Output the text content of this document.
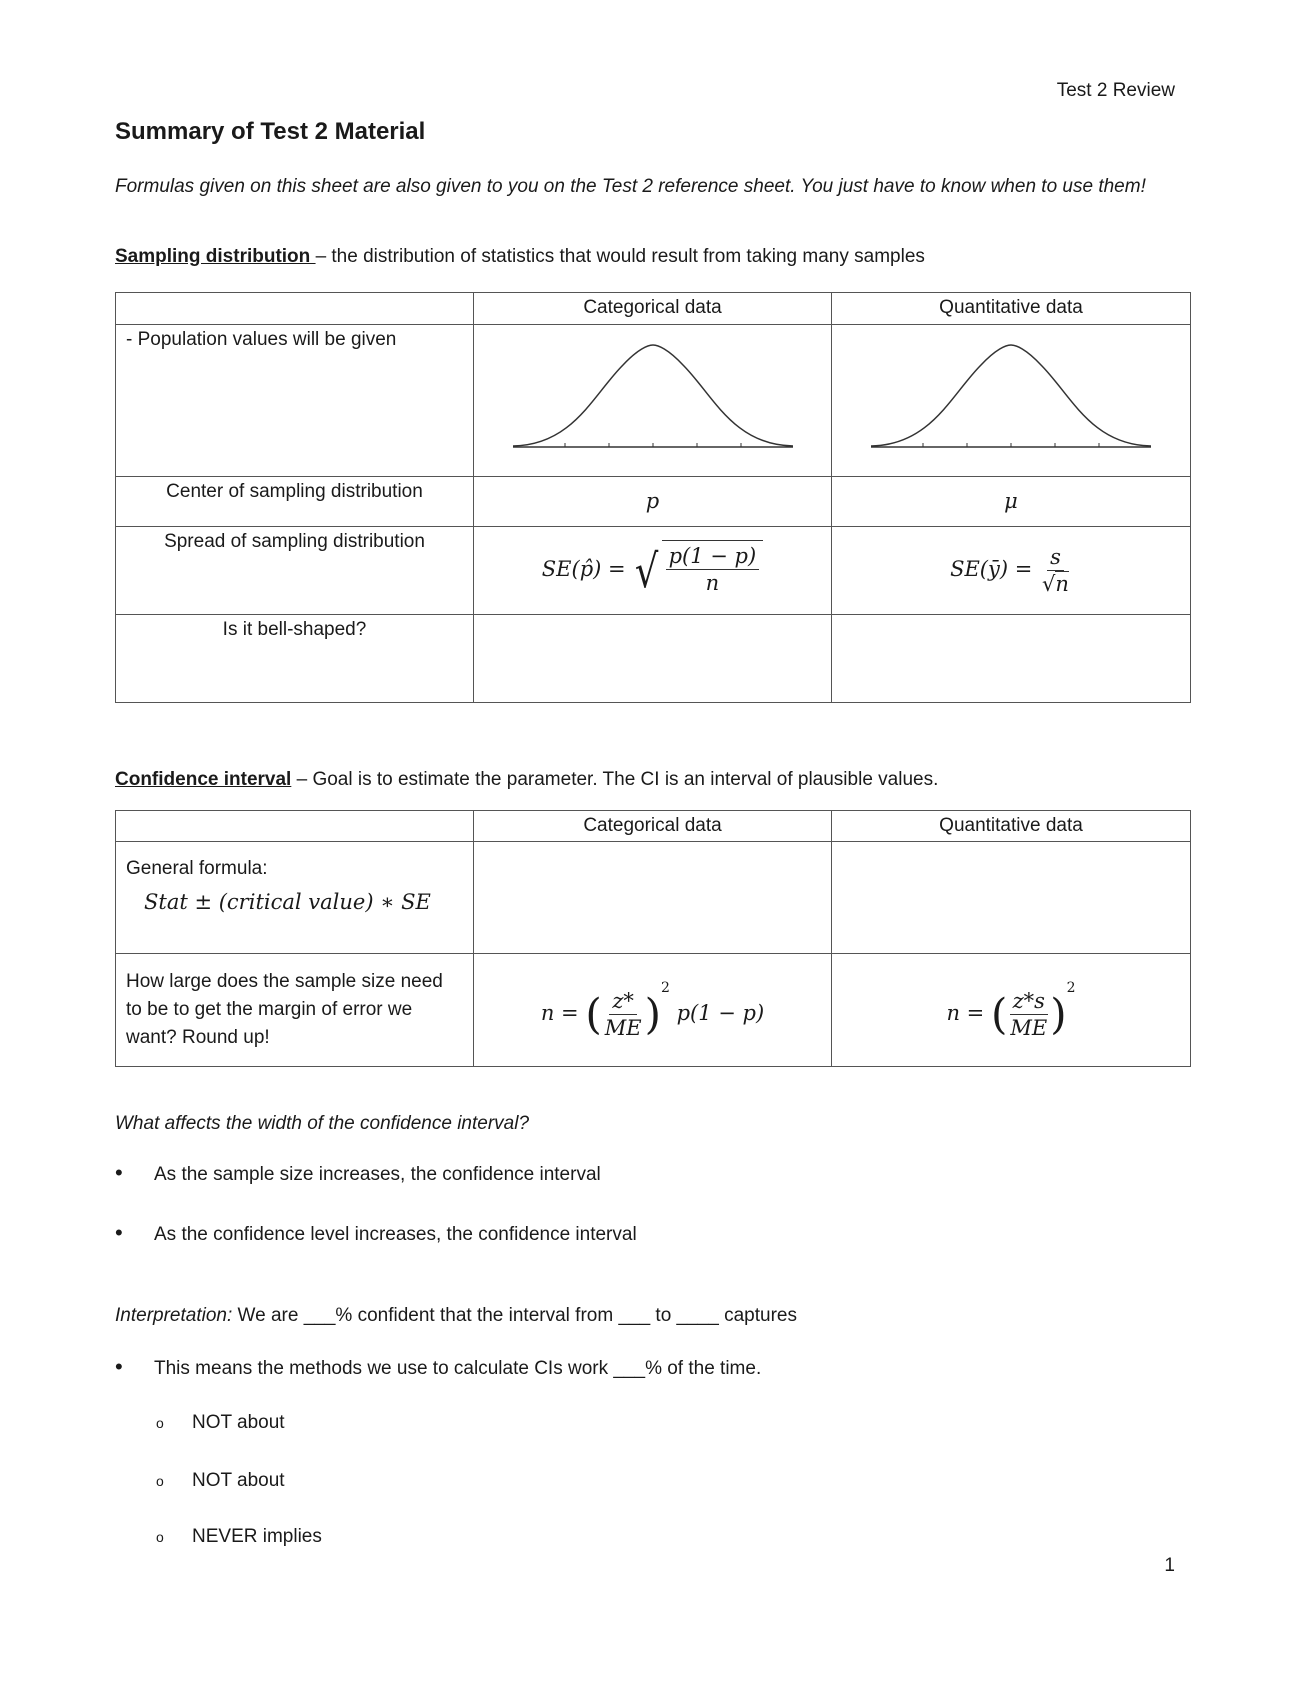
Test 2 Review
Summary of Test 2 Material
Formulas given on this sheet are also given to you on the Test 2 reference sheet. You just have to know when to use them!
Sampling distribution – the distribution of statistics that would result from taking many samples
	Categorical data	Quantitative data
- Population values will be given	

Center of sampling distribution	p	μ
Spread of sampling distribution	SE(p̂) = √ $\frac{p(1 - p)}{n}$	SE(ȳ) = $\frac{s}{√n}$

Is it bell-shaped?		
Confidence interval – Goal is to estimate the parameter. The CI is an interval of plausible values.
	Categorical data	Quantitative data

General formula:
Stat ± (critical value) ∗ SE		

How large does the sample size need to be to get the margin of error we want? Round up!	n = ( $\frac{z*}{ME} )^2$ p(1 − p)	n = ( $\frac{z*s}{ME} )^2$
What affects the width of the confidence interval?
• As the sample size increases, the confidence interval
• As the confidence level increases, the confidence interval
Interpretation: We are ___% confident that the interval from ___ to ____ captures
• This means the methods we use to calculate CIs work ___% of the time.
o NOT about
o NOT about
o NEVER implies
1
